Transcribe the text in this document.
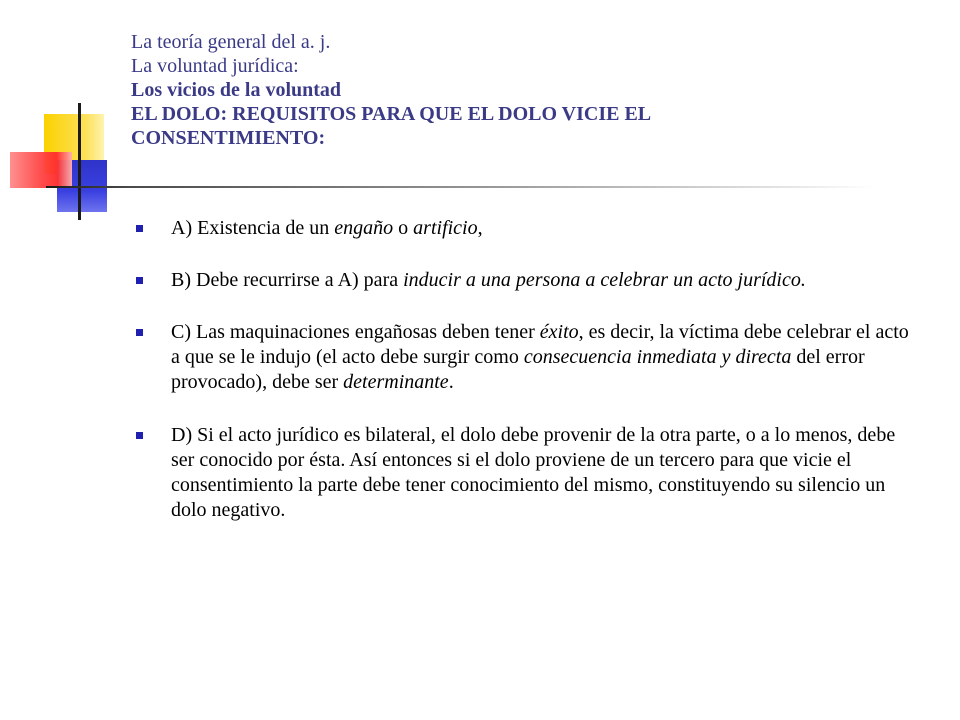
La teoría general del a. j.
La voluntad jurídica:
Los vicios de la voluntad
EL DOLO: REQUISITOS PARA QUE EL DOLO VICIE EL
CONSENTIMIENTO:
A) Existencia de un engaño o artificio,
B) Debe recurrirse a A) para inducir a una persona a celebrar un acto jurídico.
C) Las maquinaciones engañosas deben tener éxito, es decir, la víctima debe celebrar el acto a que se le indujo (el acto debe surgir como consecuencia inmediata y directa del error provocado), debe ser determinante.
D) Si el acto jurídico es bilateral, el dolo debe provenir de la otra parte, o a lo menos, debe ser conocido por ésta. Así entonces si el dolo proviene de un tercero para que vicie el consentimiento la parte debe tener conocimiento del mismo, constituyendo su silencio un dolo negativo.
